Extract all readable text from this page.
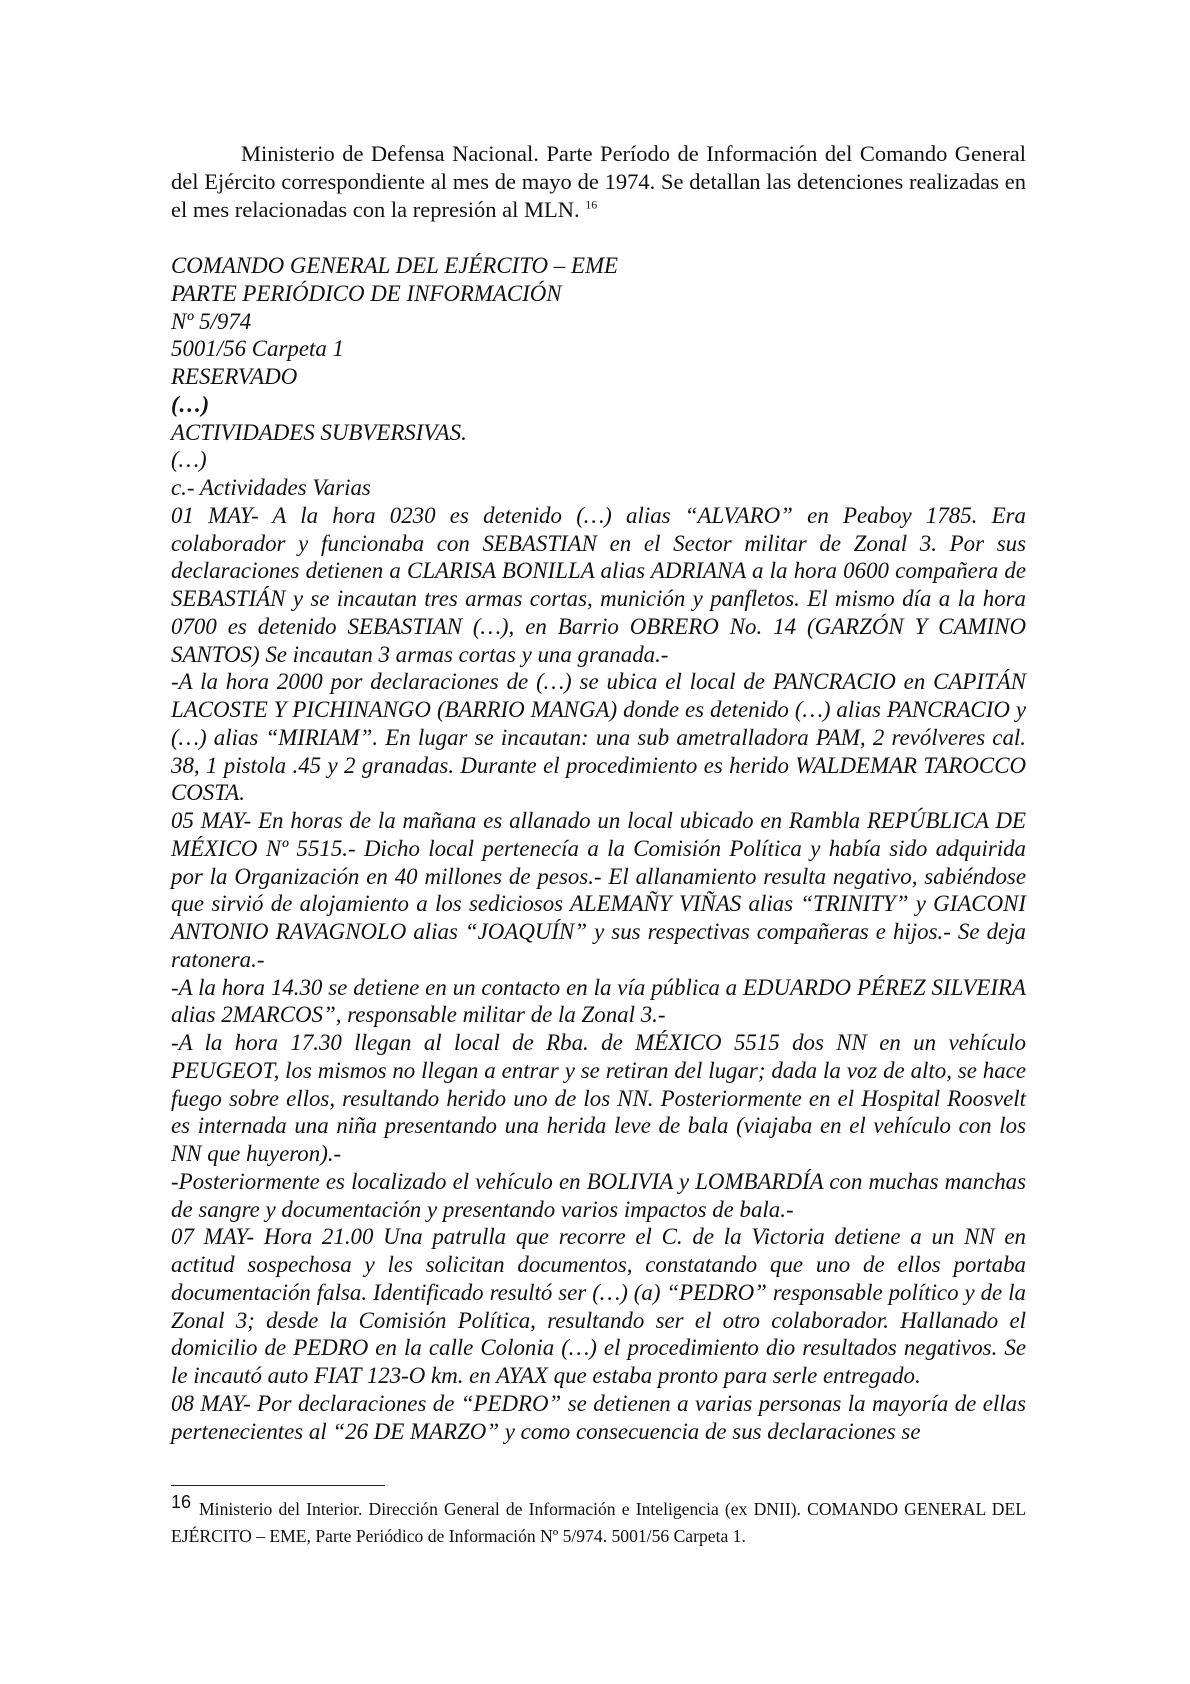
Ministerio de Defensa Nacional. Parte Período de Información del Comando General del Ejército correspondiente al mes de mayo de 1974. Se detallan las detenciones realizadas en el mes relacionadas con la represión al MLN. $^{16}$

COMANDO GENERAL DEL EJÉRCITO – EME

PARTE PERIÓDICO DE INFORMACIÓN

Nº 5/974

5001/56 Carpeta 1

RESERVADO

(…)

ACTIVIDADES SUBVERSIVAS.

(…)

c.- Actividades Varias

01 MAY- A la hora 0230 es detenido (…) alias “ALVARO” en Peaboy 1785. Era colaborador y funcionaba con SEBASTIAN en el Sector militar de Zonal 3. Por sus declaraciones detienen a CLARISA BONILLA alias ADRIANA a la hora 0600 compañera de SEBASTIÁN y se incautan tres armas cortas, munición y panfletos. El mismo día a la hora 0700 es detenido SEBASTIAN (…), en Barrio OBRERO No. 14 (GARZÓN Y CAMINO SANTOS) Se incautan 3 armas cortas y una granada.-

-A la hora 2000 por declaraciones de (…) se ubica el local de PANCRACIO en CAPITÁN LACOSTE Y PICHINANGO (BARRIO MANGA) donde es detenido (…) alias PANCRACIO y (…) alias “MIRIAM”. En lugar se incautan: una sub ametralladora PAM, 2 revólveres cal. 38, 1 pistola .45 y 2 granadas. Durante el procedimiento es herido WALDEMAR TAROCCO COSTA.

05 MAY- En horas de la mañana es allanado un local ubicado en Rambla REPÚBLICA DE MÉXICO Nº 5515.- Dicho local pertenecía a la Comisión Política y había sido adquirida por la Organización en 40 millones de pesos.- El allanamiento resulta negativo, sabiéndose que sirvió de alojamiento a los sediciosos ALEMAÑY VIÑAS alias “TRINITY” y GIACONI ANTONIO RAVAGNOLO alias “JOAQUÍN” y sus respectivas compañeras e hijos.- Se deja ratonera.-

-A la hora 14.30 se detiene en un contacto en la vía pública a EDUARDO PÉREZ SILVEIRA alias 2MARCOS”, responsable militar de la Zonal 3.-

-A la hora 17.30 llegan al local de Rba. de MÉXICO 5515 dos NN en un vehículo PEUGEOT, los mismos no llegan a entrar y se retiran del lugar; dada la voz de alto, se hace fuego sobre ellos, resultando herido uno de los NN. Posteriormente en el Hospital Roosvelt es internada una niña presentando una herida leve de bala (viajaba en el vehículo con los NN que huyeron).-

-Posteriormente es localizado el vehículo en BOLIVIA y LOMBARDÍA con muchas manchas de sangre y documentación y presentando varios impactos de bala.-

07 MAY- Hora 21.00 Una patrulla que recorre el C. de la Victoria detiene a un NN en actitud sospechosa y les solicitan documentos, constatando que uno de ellos portaba documentación falsa. Identificado resultó ser (…) (a) “PEDRO” responsable político y de la Zonal 3; desde la Comisión Política, resultando ser el otro colaborador. Hallanado el domicilio de PEDRO en la calle Colonia (…) el procedimiento dio resultados negativos. Se le incautó auto FIAT 123-O km. en AYAX que estaba pronto para serle entregado.

08 MAY- Por declaraciones de “PEDRO” se detienen a varias personas la mayoría de ellas pertenecientes al “26 DE MARZO” y como consecuencia de sus declaraciones se

16 Ministerio del Interior. Dirección General de Información e Inteligencia (ex DNII). COMANDO GENERAL DEL EJÉRCITO – EME, Parte Periódico de Información Nº 5/974. 5001/56 Carpeta 1.
